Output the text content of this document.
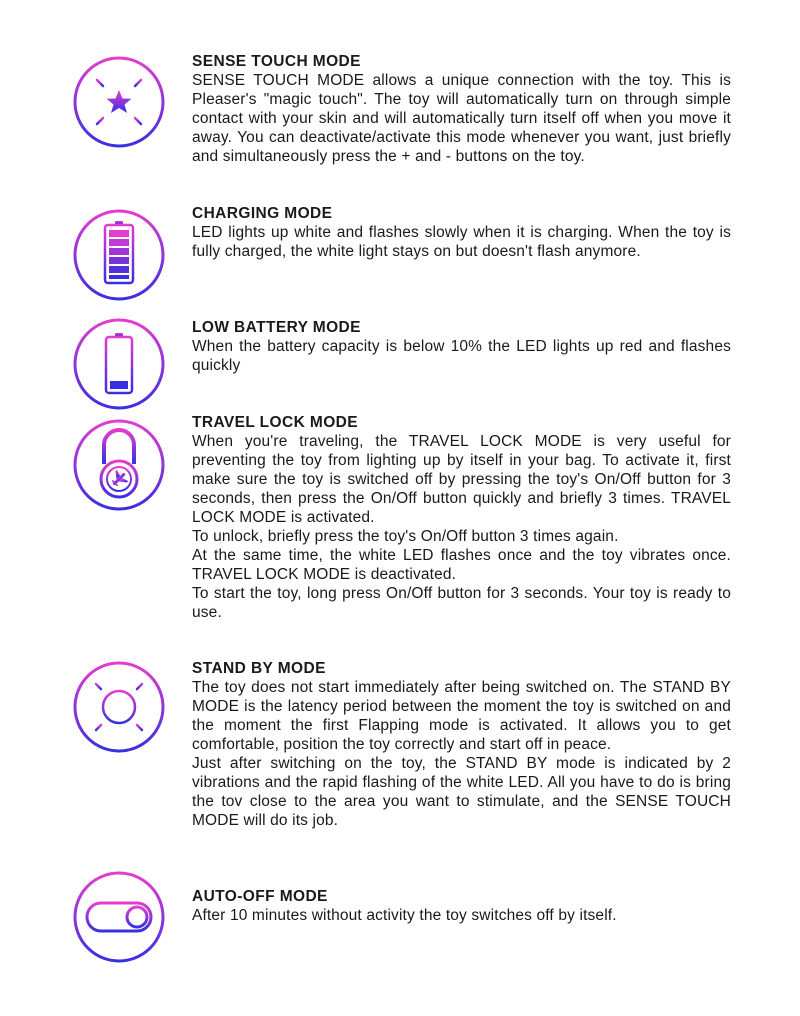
SENSE TOUCH MODE

SENSE TOUCH MODE allows a unique connection with the toy. This is Pleaser's "magic touch". The toy will automatically turn on through simple contact with your skin and will automatically turn itself off when you move it away. You can deactivate/activate this mode whenever you want, just briefly and simultaneously press the + and - buttons on the toy.

CHARGING MODE

LED lights up white and flashes slowly when it is charging. When the toy is fully charged, the white light stays on but doesn't flash anymore.

LOW BATTERY MODE

When the battery capacity is below 10% the LED lights up red and flashes quickly

TRAVEL LOCK MODE

When you're traveling, the TRAVEL LOCK MODE is very useful for preventing the toy from lighting up by itself in your bag. To activate it, first make sure the toy is switched off by pressing the toy's On/Off button for 3 seconds, then press the On/Off button quickly and briefly 3 times. TRAVEL LOCK MODE is activated.

To unlock, briefly press the toy's On/Off button 3 times again.

At the same time, the white LED flashes once and the toy vibrates once. TRAVEL LOCK MODE is deactivated.

To start the toy, long press On/Off button for 3 seconds. Your toy is ready to use.

STAND BY MODE

The toy does not start immediately after being switched on. The STAND BY MODE is the latency period between the moment the toy is switched on and the moment the first Flapping mode is activated. It allows you to get comfortable, position the toy correctly and start off in peace.

Just after switching on the toy, the STAND BY mode is indicated by 2 vibrations and the rapid flashing of the white LED. All you have to do is bring the tov close to the area you want to stimulate, and the SENSE TOUCH MODE will do its job.

AUTO-OFF MODE

After 10 minutes without activity the toy switches off by itself.
